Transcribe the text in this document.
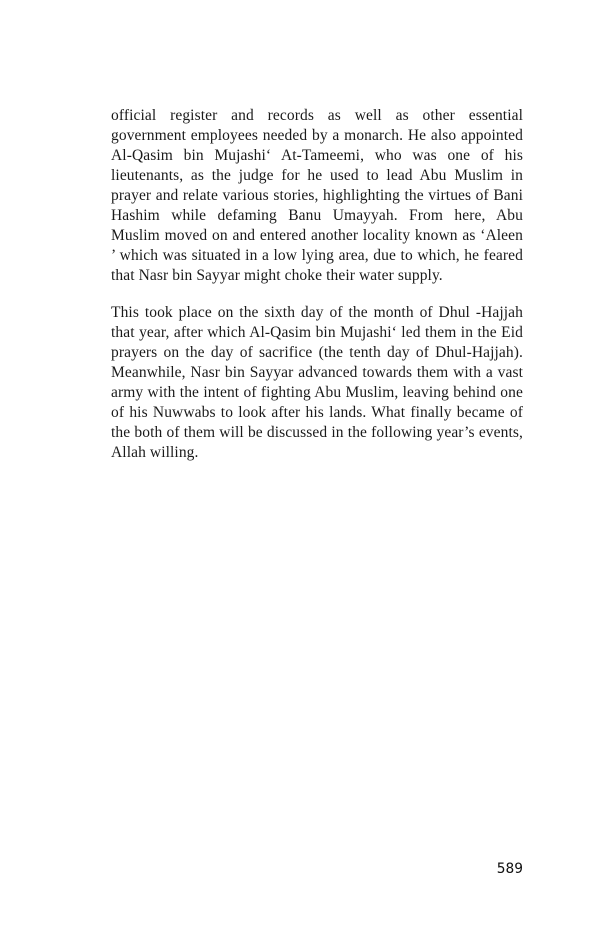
official register and records as well as other essential government employees needed by a monarch. He also appointed Al-Qasim bin Mujashi‘ At-Tameemi, who was one of his lieutenants, as the judge for he used to lead Abu Muslim in prayer and relate various stories, highlighting the virtues of Bani Hashim while defaming Banu Umayyah. From here, Abu Muslim moved on and entered another locality known as ‘Aleen ’ which was situated in a low lying area, due to which, he feared that Nasr bin Sayyar might choke their water supply.

This took place on the sixth day of the month of Dhul -Hajjah that year, after which Al-Qasim bin Mujashi‘ led them in the Eid prayers on the day of sacrifice (the tenth day of Dhul-Hajjah). Meanwhile, Nasr bin Sayyar advanced towards them with a vast army with the intent of fighting Abu Muslim, leaving behind one of his Nuwwabs to look after his lands. What finally became of the both of them will be discussed in the following year’s events, Allah willing.

589
